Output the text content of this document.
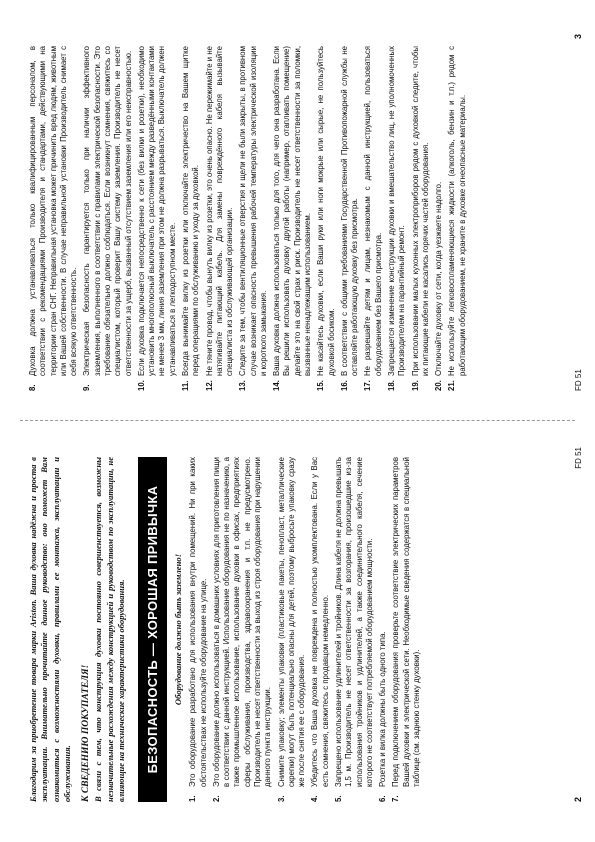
Благодарим за приобретение товара марки Ariston. Ваша духовка надёжна и проста в эксплуатации. Внимательно прочитайте данное руководство: оно поможет Вам ознакомиться с возможностями духовки, правилами ее монтажа, эксплуатации и обслуживания. К СВЕДЕНИЮ ПОКУПАТЕЛЯ! В связи с тем, что конструкция духовки постоянно совершенствуется, возможны незначительные расхождения между конструкцией и руководством по эксплуатации, не влияющие на технические характеристики оборудования.	БЕЗОПАСНОСТЬ — ХОРОШАЯ ПРИВЫЧКА	Оборудование должно быть заземлено!
1.
Это оборудование разработано для использования внутри помещений. Ни при каких обстоятельствах не используйте оборудование на улице.
2.
Это оборудование должно использоваться в домашних условиях для приготовления пищи в соответствии с данной инструкцией. Использование оборудования не по назначению, а также промышленное использование, использование духовки в офисах, предприятиях сферы обслуживания, производства, здравоохранения и т.п. не предусмотрено. Производитель не несет ответственности за выход из строя оборудования при нарушении данного пункта инструкции.
3.
Снимите упаковку; элементы упаковки (пластиковые пакеты, пенопласт, металлические скрепки) могут быть потенциально опасны для детей, поэтому выбросьте упаковку сразу же после снятия ее с оборудования.
4.
Убедитесь что Ваша духовка не повреждена и полностью укомплектована. Если у Вас есть сомнения, свяжитесь с продавцом немедленно.
5.
Запрещено использование удлинителей и тройников. Длина кабеля не должна превышать 1,5 м. Производитель не несет ответственности за возгорания, произошедшие из-за использования тройников и удлинителей, а также соединительного кабеля, сечение которого не соответствует потребляемой оборудованием мощности.
6.
Розетка и вилка должны быть одного типа.
7.
Перед подключением оборудования проверьте соответствие электрических параметров Вашей духовки и электрической сети. Необходимые сведения содержатся в специальной таблице (см. заднюю стенку духовки).
2
FD 51
8.
Духовка должна устанавливаться только квалифицированным персоналом, в соответствии с рекомендациями Производителя и стандартами, действующими на территории стран СНГ. Неправильная установка может причинить вред людям, животным или Вашей собственности. В случае неправильной установки Производитель снимает с себя всякую ответственность.
9.
Электрическая безопасность гарантируется только при наличии эффективного заземления, выполненного в соответствии с правилами электрической безопасности. Это требование обязательно должно соблюдаться. Если возникнут сомнения, свяжитесь со специалистом, который проверит Вашу систему заземления. Производитель не несет ответственности за ущерб, вызванный отсутствием заземления или его неисправностью.
10.
Если духовка подключается непосредственно к сети (без вилки и розетки), необходимо установить многополюсный выключатель с расстоянием между разведёнными контактами не менее 3 мм, линия заземления при этом не должна разрываться. Выключатель должен устанавливаться в легкодоступном месте.
11.
Всегда вынимайте вилку из розетки или отключайте электричество на Вашем щитке перед операциями по обслуживанию и уходу за духовкой.
12.
Не тяните провод, чтобы вынуть вилку из розетки, это очень опасно. Не пережимайте и не натягивайте питающий кабель. Для замены повреждённого кабеля вызывайте специалиста из обслуживающей организации.
13.
Следите за тем, чтобы вентиляционные отверстия и щели не были закрыты, в противном случае возникает опасность превышения рабочей температуры электрической изоляции и короткого замыкания.
14.
Ваша духовка должна использоваться только для того, для чего она разработана. Если Вы решили использовать духовку другой работы (например, отапливать помещение) делайте это на свой страх и риск. Производитель не несет ответственности за поломки, вызванные ненадлежащим использованием.
15.
Не касайтесь духовки, если Ваши руки или ноги мокрые или сырые, не пользуйтесь духовкой босиком.
16.
В соответствии с общими требованиями Государственной Противопожарной службы не оставляйте работающую духовку без присмотра.
17.
Не разрешайте детям и лицам, незнакомым с данной инструкцией, пользоваться оборудованием без Вашего присмотра.
18.
Запрещается изменение конструкции духовки и вмешательство лиц, не уполномоченных Производителем на гарантийный ремонт.
19.
При использовании малых кухонных электроприборов рядом с духовкой следите, чтобы их питающие кабели не касались горячих частей оборудования.
20.
Отключайте духовку от сети, когда уезжаете надолго.
21.
Не используйте легковоспламеняющиеся жидкости (алкоголь, бензин и т.п.) рядом с работающим оборудованием, не храните в духовке огнеопасные материалы.
FD 51
3
